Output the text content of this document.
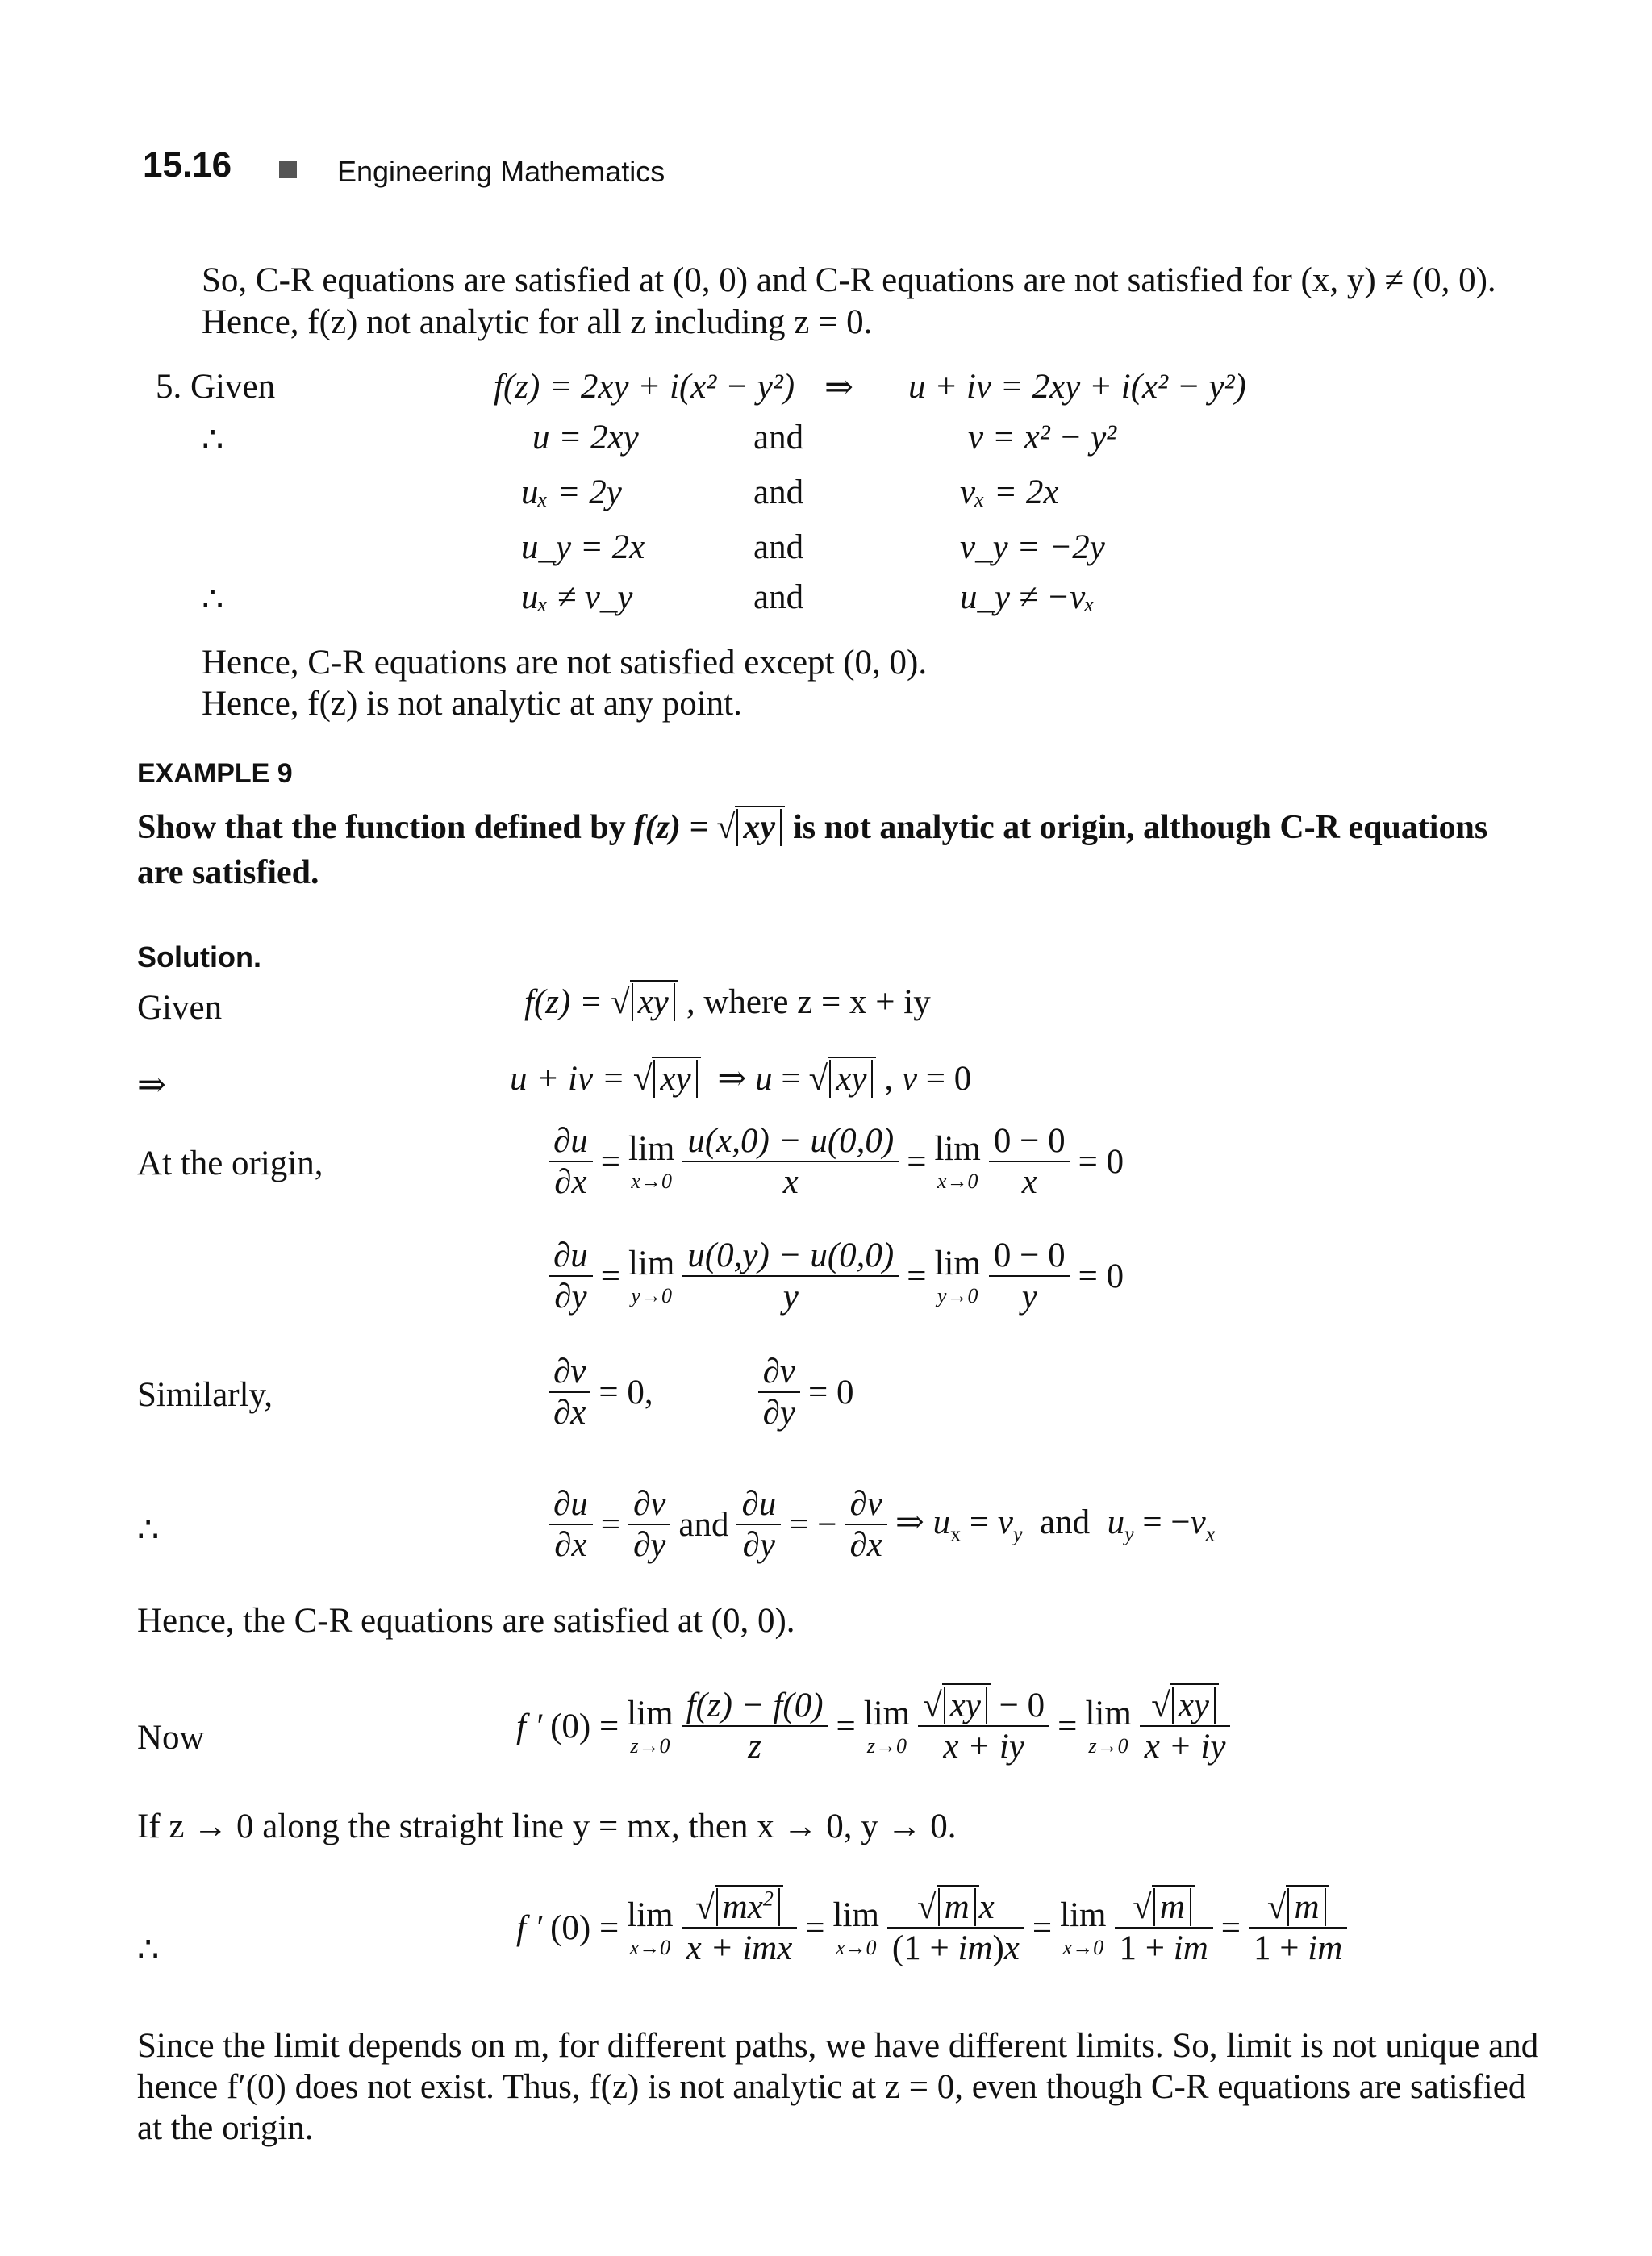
15.16	Engineering Mathematics
So, C-R equations are satisfied at (0, 0) and C-R equations are not satisfied for (x, y) ≠ (0, 0).
Hence, f(z) not analytic for all z including z = 0.
5. Given	f(z) = 2xy + i(x² − y²) ⇒ u + iv = 2xy + i(x² − y²)
∴	u = 2xy	and	v = x² − y²
uₓ = 2y	and	vₓ = 2x
u_y = 2x	and	v_y = −2y
∴	uₓ ≠ v_y	and	u_y ≠ −vₓ
Hence, C-R equations are not satisfied except (0, 0).
Hence, f(z) is not analytic at any point.
EXAMPLE 9
Show that the function defined by f(z) = √ xy is not analytic at origin, although C-R equations
are satisfied.
Solution.
Given	f(z) = √ xy , where z = x + iy
⇒	u + iv = √ xy ⇒ u = √ xy , v = 0
At the origin,	$\frac{\partial u}{\partial x} = \lim$
$x\to 0 \frac{u(x,0) - u(0,0)}{x} = \lim$
$x\to 0 \frac{0 - 0}{x} = 0$
$\frac{\partial u}{\partial y} = \lim$
$y\to 0 \frac{u(0,y) - u(0,0)}{y} = \lim$
$y\to 0 \frac{0 - 0}{y} = 0$
Similarly,	$\frac{\partial v}{\partial x} = 0$,	$\frac{\partial v}{\partial y} = 0$
∴	$\frac{\partial u}{\partial x} = \frac{\partial v}{\partial y}$ and $\frac{\partial u}{\partial y}$ = − $\frac{\partial v}{\partial x}$ ⇒ $u_x = v_y$  and  $u_y = -v_x$
Hence, the C-R equations are satisfied at (0, 0).
Now	f ′ (0) = lim
$z\to 0 \frac{f(z) - f(0)}{z} = \lim$
$z\to 0 \frac{√ xy - 0}{x + iy} = \lim$
$z\to 0 \frac{√ xy}{x + iy}$
If z → 0 along the straight line y = mx, then x → 0, y → 0.
∴
f ′ (0) = lim
$x\to 0 \frac{√ mx^2}{\text{x + imx}} = \lim$
$x\to 0 \frac{\text{√ m x}}{(1 + im)x} = \lim$
$x\to 0 \frac{√ m}{1 + im} = \frac{√ m}{1 + im}$
Since the limit depends on m, for different paths, we have different limits. So, limit is not unique and
hence f′(0) does not exist. Thus, f(z) is not analytic at z = 0, even though C-R equations are satisfied
at the origin.
